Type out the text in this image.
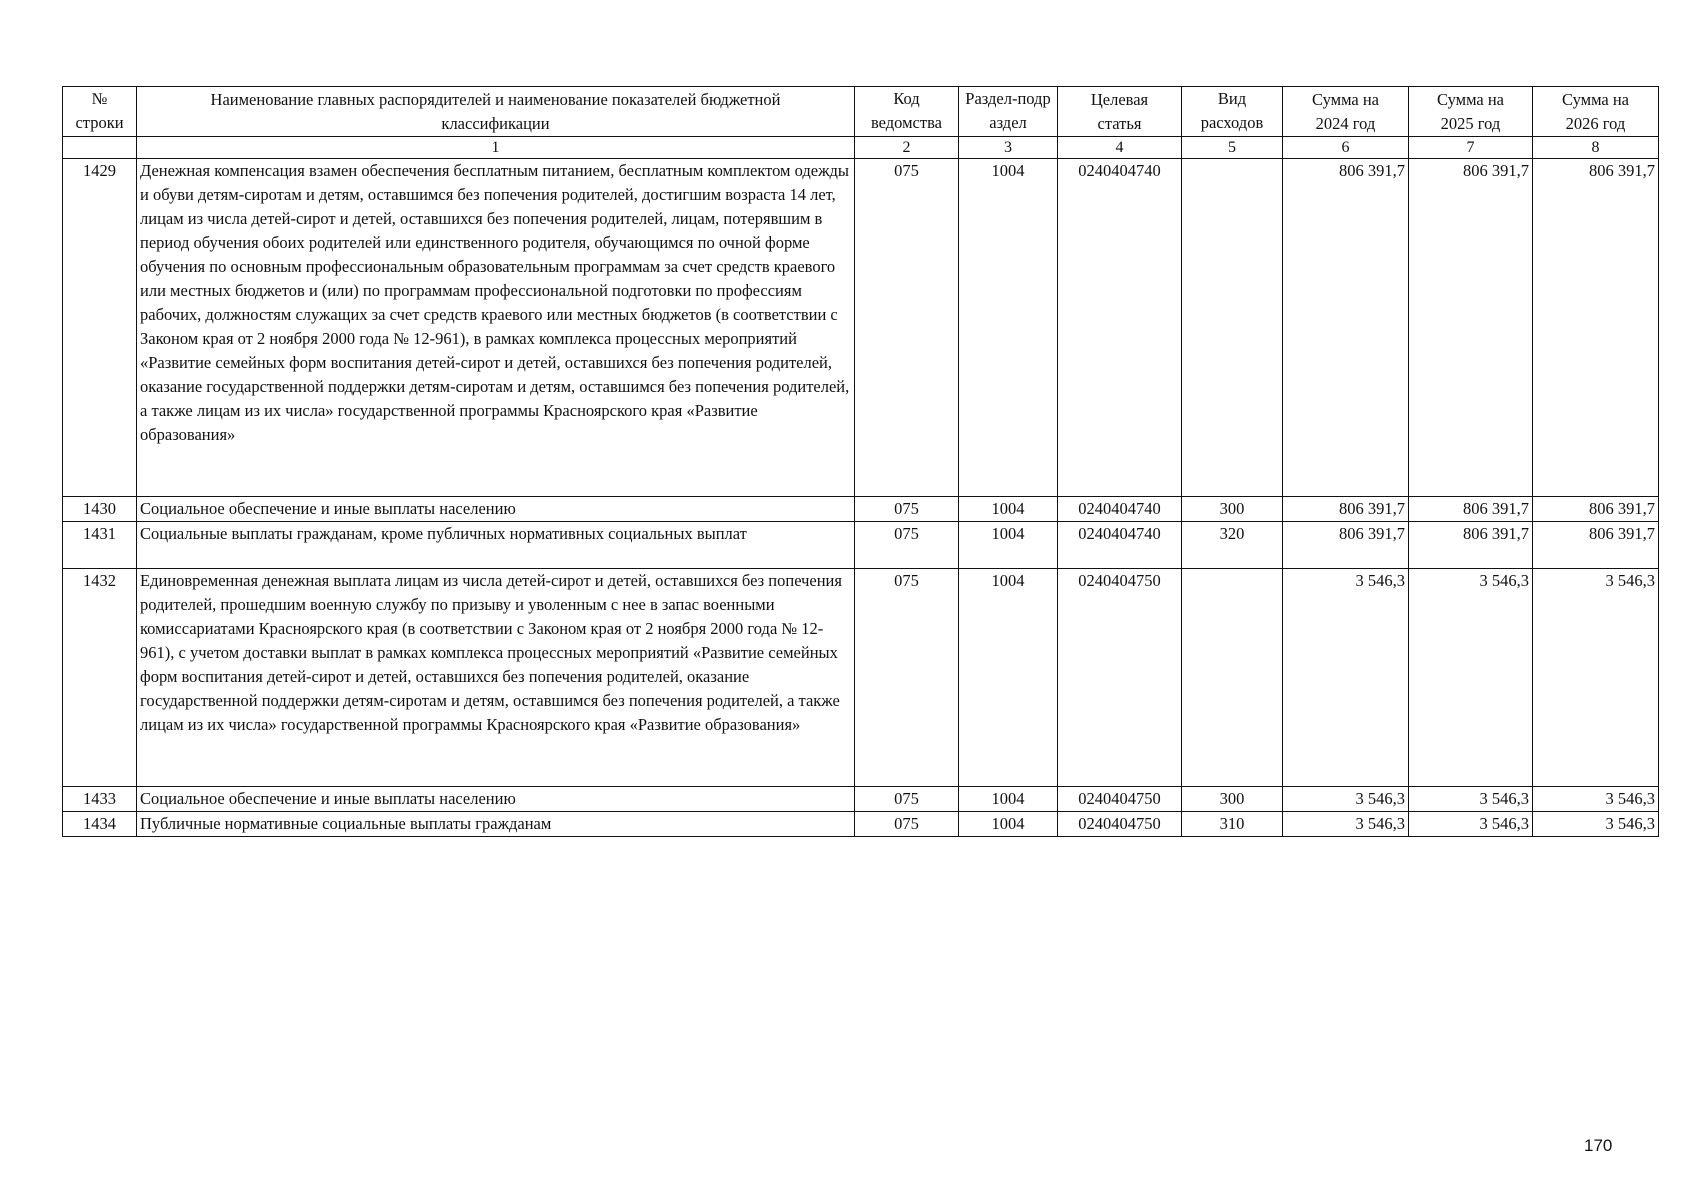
№ строки	Наименование главных распорядителей и наименование показателей бюджетной классификации	Код ведомства	Раздел-подраздел	Целевая статья	Вид расходов	Сумма на 2024 год	Сумма на 2025 год	Сумма на 2026 год
	1	2	3	4	5	6	7	8
1429	Денежная компенсация взамен обеспечения бесплатным питанием, бесплатным комплектом одежды и обуви детям-сиротам и детям, оставшимся без попечения родителей, достигшим возраста 14 лет, лицам из числа детей-сирот и детей, оставшихся без попечения родителей, лицам, потерявшим в период обучения обоих родителей или единственного родителя, обучающимся по очной форме обучения по основным профессиональным образовательным программам за счет средств краевого или местных бюджетов и (или) по программам профессиональной подготовки по профессиям рабочих, должностям служащих за счет средств краевого или местных бюджетов (в соответствии с Законом края от 2 ноября 2000 года № 12-961), в рамках комплекса процессных мероприятий «Развитие семейных форм воспитания детей-сирот и детей, оставшихся без попечения родителей, оказание государственной поддержки детям-сиротам и детям, оставшимся без попечения родителей, а также лицам из их числа» государственной программы Красноярского края «Развитие образования»	075	1004	0240404740		806 391,7	806 391,7	806 391,7
1430	Социальное обеспечение и иные выплаты населению	075	1004	0240404740	300	806 391,7	806 391,7	806 391,7
1431	Социальные выплаты гражданам, кроме публичных нормативных социальных выплат	075	1004	0240404740	320	806 391,7	806 391,7	806 391,7
1432	Единовременная денежная выплата лицам из числа детей-сирот и детей, оставшихся без попечения родителей, прошедшим военную службу по призыву и уволенным с нее в запас военными комиссариатами Красноярского края (в соответствии с Законом края от 2 ноября 2000 года № 12-961), с учетом доставки выплат в рамках комплекса процессных мероприятий «Развитие семейных форм воспитания детей-сирот и детей, оставшихся без попечения родителей, оказание государственной поддержки детям-сиротам и детям, оставшимся без попечения родителей, а также лицам из их числа» государственной программы Красноярского края «Развитие образования»	075	1004	0240404750		3 546,3	3 546,3	3 546,3
1433	Социальное обеспечение и иные выплаты населению	075	1004	0240404750	300	3 546,3	3 546,3	3 546,3
1434	Публичные нормативные социальные выплаты гражданам	075	1004	0240404750	310	3 546,3	3 546,3	3 546,3
170
